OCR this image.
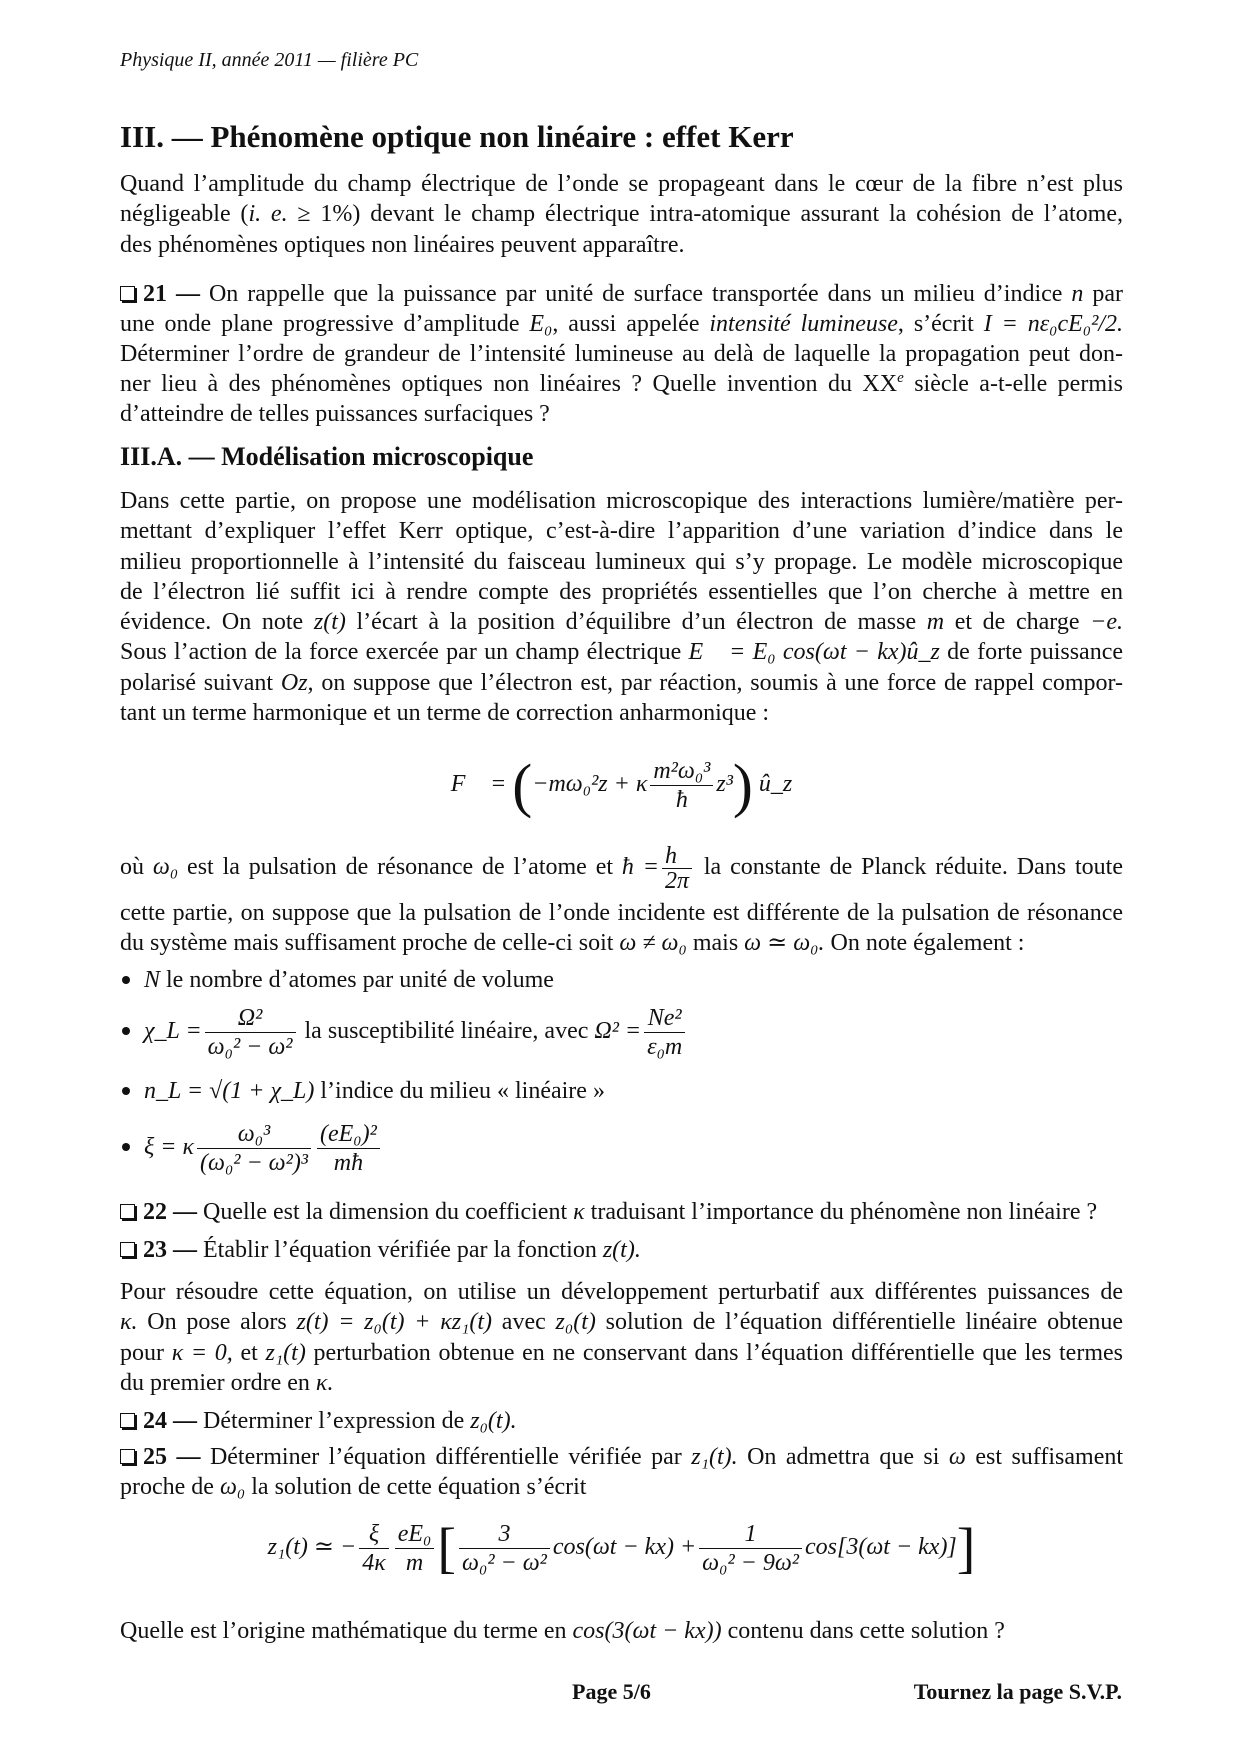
Physique II, année 2011 — filière PC
III. — Phénomène optique non linéaire : effet Kerr
Quand l’amplitude du champ électrique de l’onde se propageant dans le cœur de la fibre n’est plus
négligeable (i. e. ≥ 1%) devant le champ électrique intra-atomique assurant la cohésion de l’atome,
des phénomènes optiques non linéaires peuvent apparaître.
21 — On rappelle que la puissance par unité de surface transportée dans un milieu d’indice n par
une onde plane progressive d’amplitude E₀, aussi appelée intensité lumineuse, s’écrit I = nε₀cE₀²/2.
Déterminer l’ordre de grandeur de l’intensité lumineuse au delà de laquelle la propagation peut don-
ner lieu à des phénomènes optiques non linéaires ? Quelle invention du XXe siècle a-t-elle permis
d’atteindre de telles puissances surfaciques ?
III.A. — Modélisation microscopique
Dans cette partie, on propose une modélisation microscopique des interactions lumière/matière per-
mettant d’expliquer l’effet Kerr optique, c’est-à-dire l’apparition d’une variation d’indice dans le
milieu proportionnelle à l’intensité du faisceau lumineux qui s’y propage. Le modèle microscopique
de l’électron lié suffit ici à rendre compte des propriétés essentielles que l’on cherche à mettre en
évidence. On note z(t) l’écart à la position d’équilibre d’un électron de masse m et de charge −e.
Sous l’action de la force exercée par un champ électrique E⃗ = E₀ cos(ωt − kx)û_z de forte puissance
polarisé suivant Oz, on suppose que l’électron est, par réaction, soumis à une force de rappel compor-
tant un terme harmonique et un terme de correction anharmonique :
F⃗ = (−mω₀²z + κ $\frac{\text{m²ω₀³}}{ħ} z^3$) û_z
où ω₀ est la pulsation de résonance de l’atome et ħ = $\frac{h}{2\pi}$ la constante de Planck réduite. Dans toute
cette partie, on suppose que la pulsation de l’onde incidente est différente de la pulsation de résonance
du système mais suffisament proche de celle-ci soit ω ≠ ω₀ mais ω ≃ ω₀. On note également :
N le nombre d’atomes par unité de volume
χ_L = $\frac{\text{Ω²}}{\text{ω₀² − ω²}}$ la susceptibilité linéaire, avec $\Omega^2 = \frac{\text{Ne²}}{\text{ε₀m}}$
n_L = √(1 + χ_L) l’indice du milieu « linéaire »
ξ = κ $\frac{\text{ω₀³}}{\text{(ω₀² − ω²)³}} \frac{\text{(eE₀)²}}{mħ}$
22 — Quelle est la dimension du coefficient κ traduisant l’importance du phénomène non linéaire ?
23 — Établir l’équation vérifiée par la fonction z(t).
Pour résoudre cette équation, on utilise un développement perturbatif aux différentes puissances de
κ. On pose alors z(t) = z₀(t) + κz₁(t) avec z₀(t) solution de l’équation différentielle linéaire obtenue
pour κ = 0, et z₁(t) perturbation obtenue en ne conservant dans l’équation différentielle que les termes
du premier ordre en κ.
24 — Déterminer l’expression de z₀(t).
25 — Déterminer l’équation différentielle vérifiée par z₁(t). On admettra que si ω est suffisament
proche de ω₀ la solution de cette équation s’écrit
z₁(t) ≃ − $\frac{\xi}{4\kappa} \frac{\text{eE₀}}{m}$ [ $\frac{3}{\text{ω₀² − ω²}} \cos(\omega t - kx) + \frac{1}{\text{ω₀² − 9ω²}} \cos[3(\omega t - kx)]$]
Quelle est l’origine mathématique du terme en cos(3(ωt − kx)) contenu dans cette solution ?
Page 5/6	Tournez la page S.V.P.
